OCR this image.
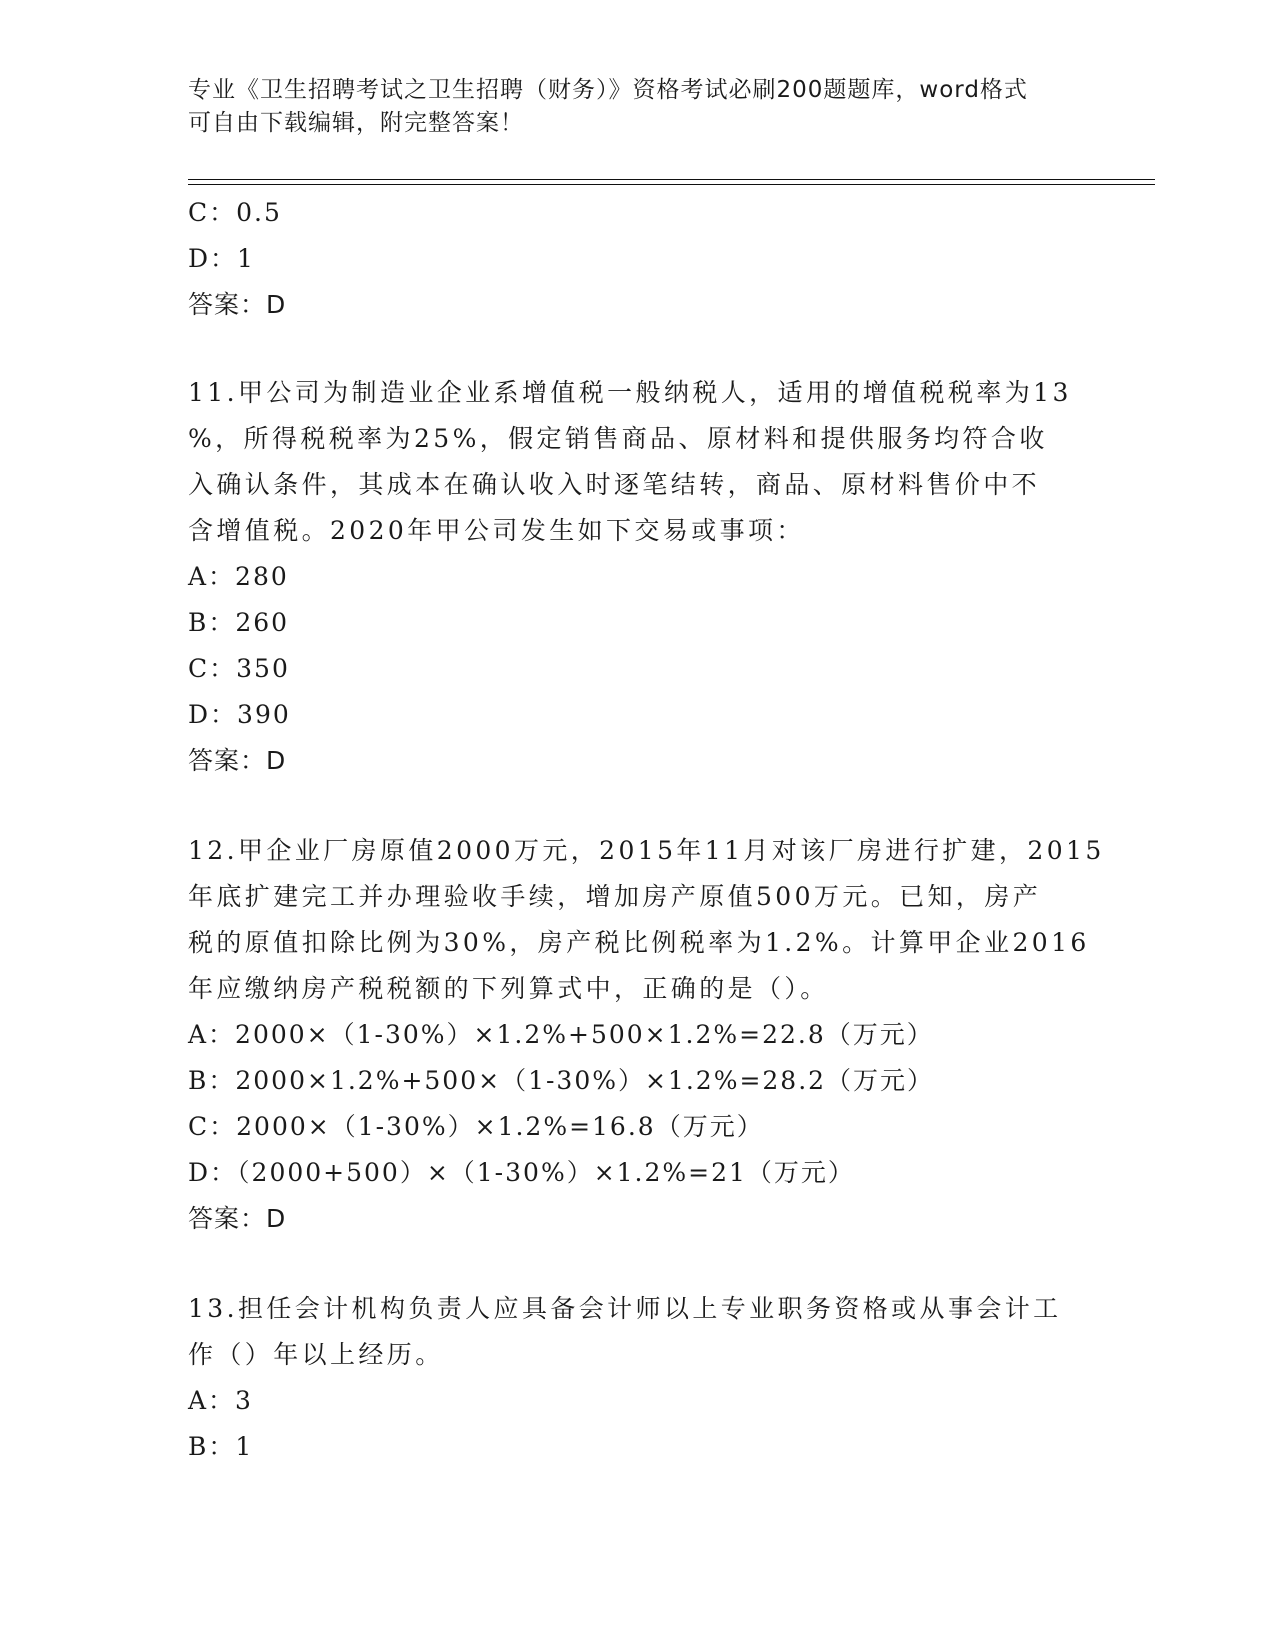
专业《卫生招聘考试之卫生招聘（财务）》资格考试必刷200题题库，word格式
可自由下载编辑，附完整答案！
C：0.5
D：1
答案：D
11.甲公司为制造业企业系增值税一般纳税人，适用的增值税税率为13
%，所得税税率为25%，假定销售商品、原材料和提供服务均符合收
入确认条件，其成本在确认收入时逐笔结转，商品、原材料售价中不
含增值税。2020年甲公司发生如下交易或事项：
A：280
B：260
C：350
D：390
答案：D
12.甲企业厂房原值2000万元，2015年11月对该厂房进行扩建，2015
年底扩建完工并办理验收手续，增加房产原值500万元。已知，房产
税的原值扣除比例为30%，房产税比例税率为1.2%。计算甲企业2016
年应缴纳房产税税额的下列算式中，正确的是（）。
A：2000×（1-30%）×1.2%+500×1.2%=22.8（万元）
B：2000×1.2%+500×（1-30%）×1.2%=28.2（万元）
C：2000×（1-30%）×1.2%=16.8（万元）
D：（2000+500）×（1-30%）×1.2%=21（万元）
答案：D
13.担任会计机构负责人应具备会计师以上专业职务资格或从事会计工
作（）年以上经历。
A：3
B：1
